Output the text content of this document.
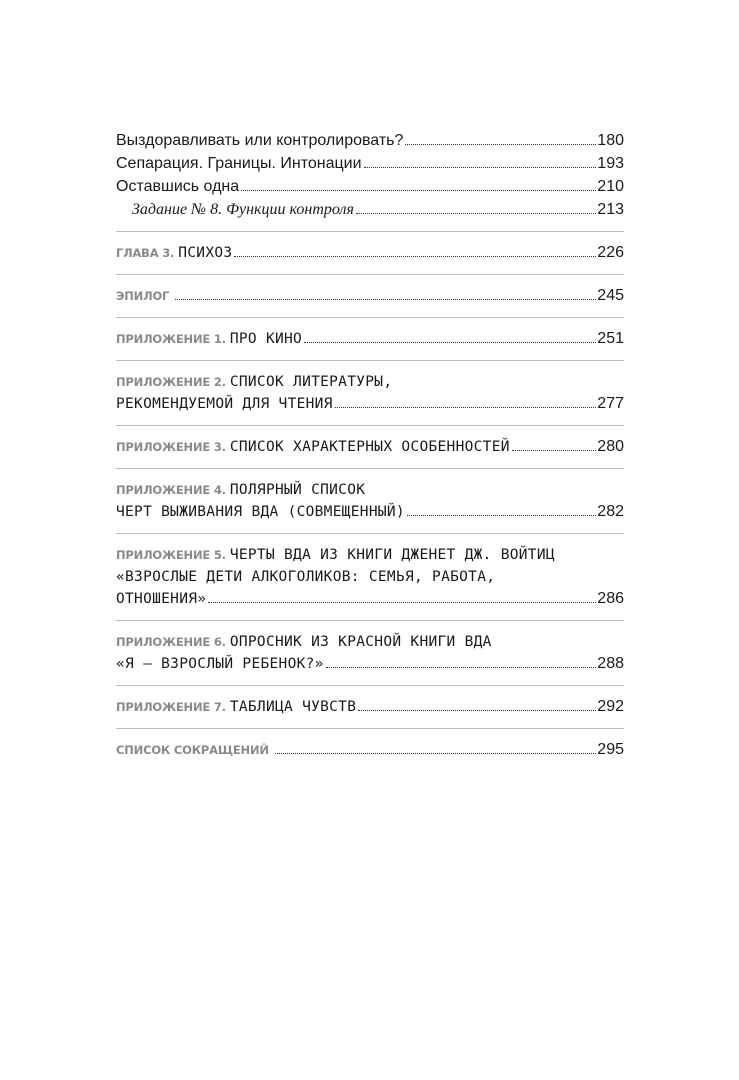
Выздоравливать или контролировать?	180
Сепарация. Границы. Интонации	193
Оставшись одна	210
Задание № 8. Функции контроля	213
ГЛАВА 3. ПСИХОЗ	226
ЭПИЛОГ	245
ПРИЛОЖЕНИЕ 1. ПРО КИНО	251
ПРИЛОЖЕНИЕ 2. СПИСОК ЛИТЕРАТУРЫ,
РЕКОМЕНДУЕМОЙ ДЛЯ ЧТЕНИЯ	277
ПРИЛОЖЕНИЕ 3. СПИСОК ХАРАКТЕРНЫХ ОСОБЕННОСТЕЙ	280
ПРИЛОЖЕНИЕ 4. ПОЛЯРНЫЙ СПИСОК
ЧЕРТ ВЫЖИВАНИЯ ВДА (СОВМЕЩЕННЫЙ)	282
ПРИЛОЖЕНИЕ 5. ЧЕРТЫ ВДА ИЗ КНИГИ ДЖЕНЕТ ДЖ. ВОЙТИЦ
«ВЗРОСЛЫЕ ДЕТИ АЛКОГОЛИКОВ: СЕМЬЯ, РАБОТА,
ОТНОШЕНИЯ»	286
ПРИЛОЖЕНИЕ 6. ОПРОСНИК ИЗ КРАСНОЙ КНИГИ ВДА
«Я — ВЗРОСЛЫЙ РЕБЕНОК?»	288
ПРИЛОЖЕНИЕ 7. ТАБЛИЦА ЧУВСТВ	292
СПИСОК СОКРАЩЕНИЙ	295
